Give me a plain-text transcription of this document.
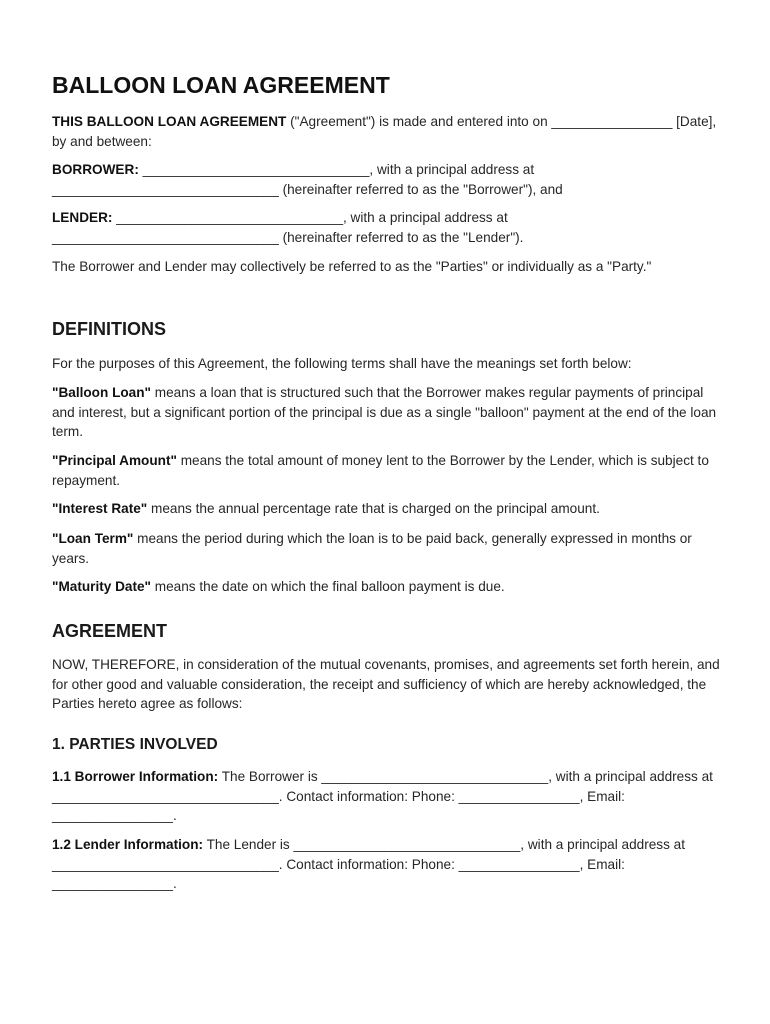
BALLOON LOAN AGREEMENT

THIS BALLOON LOAN AGREEMENT ("Agreement") is made and entered into on ________________ [Date], by and between:

BORROWER: ______________________________, with a principal address at ______________________________ (hereinafter referred to as the "Borrower"), and

LENDER: ______________________________, with a principal address at ______________________________ (hereinafter referred to as the "Lender").

The Borrower and Lender may collectively be referred to as the "Parties" or individually as a "Party."

DEFINITIONS

For the purposes of this Agreement, the following terms shall have the meanings set forth below:

"Balloon Loan" means a loan that is structured such that the Borrower makes regular payments of principal and interest, but a significant portion of the principal is due as a single "balloon" payment at the end of the loan term.

"Principal Amount" means the total amount of money lent to the Borrower by the Lender, which is subject to repayment.

"Interest Rate" means the annual percentage rate that is charged on the principal amount.

"Loan Term" means the period during which the loan is to be paid back, generally expressed in months or years.

"Maturity Date" means the date on which the final balloon payment is due.

AGREEMENT

NOW, THEREFORE, in consideration of the mutual covenants, promises, and agreements set forth herein, and for other good and valuable consideration, the receipt and sufficiency of which are hereby acknowledged, the Parties hereto agree as follows:

1. PARTIES INVOLVED

1.1 Borrower Information: The Borrower is ______________________________, with a principal address at ______________________________. Contact information: Phone: ________________, Email: ________________.

1.2 Lender Information: The Lender is ______________________________, with a principal address at ______________________________. Contact information: Phone: ________________, Email: ________________.
